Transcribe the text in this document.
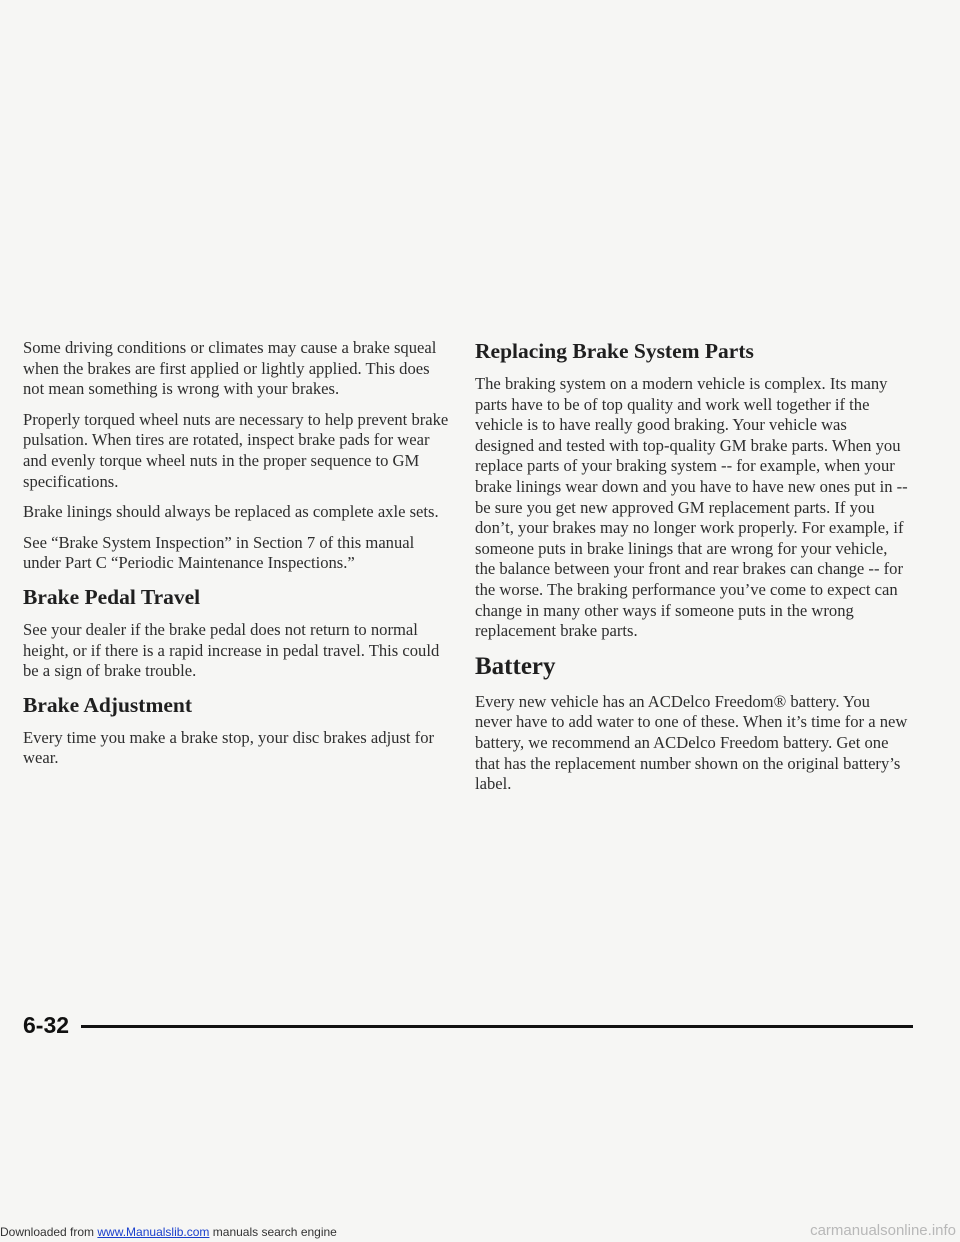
Some driving conditions or climates may cause a brake squeal when the brakes are first applied or lightly applied. This does not mean something is wrong with your brakes.

Properly torqued wheel nuts are necessary to help prevent brake pulsation. When tires are rotated, inspect brake pads for wear and evenly torque wheel nuts in the proper sequence to GM specifications.

Brake linings should always be replaced as complete axle sets.

See “Brake System Inspection” in Section 7 of this manual under Part C “Periodic Maintenance Inspections.”

Brake Pedal Travel

See your dealer if the brake pedal does not return to normal height, or if there is a rapid increase in pedal travel. This could be a sign of brake trouble.

Brake Adjustment

Every time you make a brake stop, your disc brakes adjust for wear.

Replacing Brake System Parts

The braking system on a modern vehicle is complex. Its many parts have to be of top quality and work well together if the vehicle is to have really good braking. Your vehicle was designed and tested with top-quality GM brake parts. When you replace parts of your braking system -- for example, when your brake linings wear down and you have to have new ones put in -- be sure you get new approved GM replacement parts. If you don’t, your brakes may no longer work properly. For example, if someone puts in brake linings that are wrong for your vehicle, the balance between your front and rear brakes can change -- for the worse. The braking performance you’ve come to expect can change in many other ways if someone puts in the wrong replacement brake parts.

Battery

Every new vehicle has an ACDelco Freedom® battery. You never have to add water to one of these. When it’s time for a new battery, we recommend an ACDelco Freedom battery. Get one that has the replacement number shown on the original battery’s label.

6-32
Downloaded from www.Manualslib.com manuals search engine	carmanualsonline.info
